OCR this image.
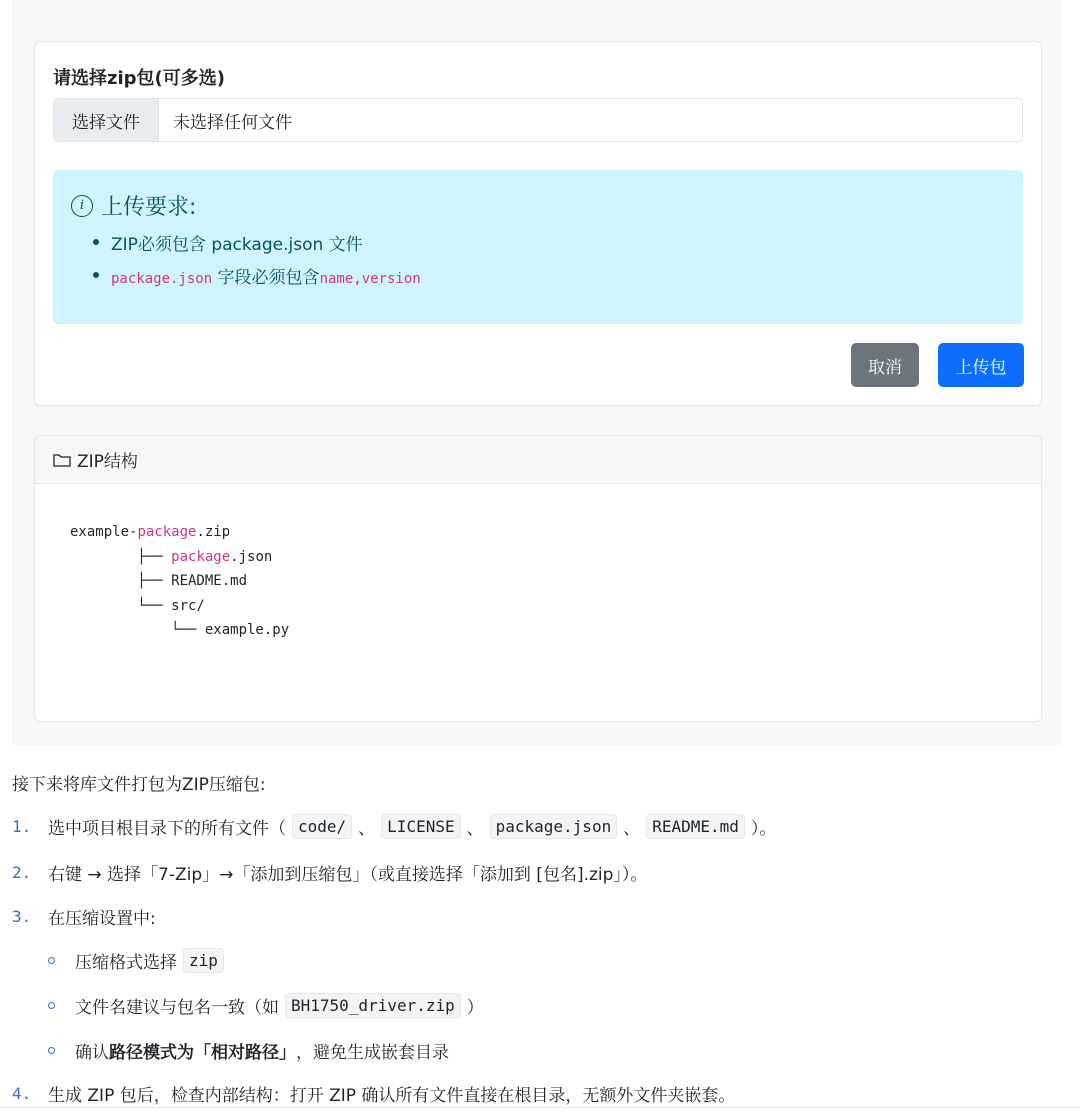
请选择zip包(可多选)
选择文件	未选择任何文件
i 上传要求:
ZIP必须包含 package.json 文件
package.json 字段必须包含name,version
取消	上传包
ZIP结构
example-package.zip
├── package.json
├── README.md
└── src/
└── example.py
接下来将库文件打包为ZIP压缩包:
1. 选中项目根目录下的所有文件（ code/ 、 LICENSE 、 package.json 、 README.md ）。
2. 右键 → 选择「7-Zip」→「添加到压缩包」（或直接选择「添加到 [包名].zip」）。
3. 在压缩设置中:
压缩格式选择 zip
文件名建议与包名一致（如 BH1750_driver.zip ）
确认 路径模式为「相对路径」 ，避免生成嵌套目录
4. 生成 ZIP 包后，检查内部结构：打开 ZIP 确认所有文件直接在根目录，无额外文件夹嵌套。
